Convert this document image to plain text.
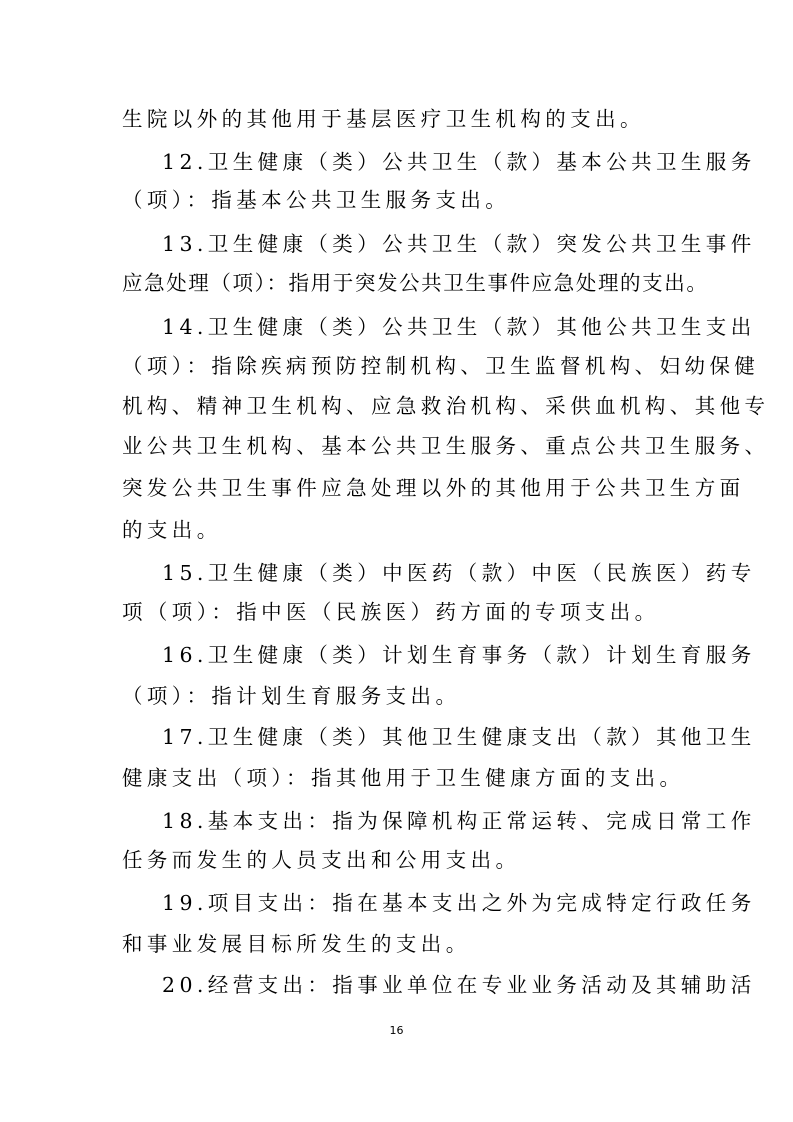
生院以外的其他用于基层医疗卫生机构的支出。
12.卫生健康（类）公共卫生（款）基本公共卫生服务
（项）：指基本公共卫生服务支出。
13.卫生健康（类）公共卫生（款）突发公共卫生事件
应急处理（项）：指用于突发公共卫生事件应急处理的支出。
14.卫生健康（类）公共卫生（款）其他公共卫生支出
（项）：指除疾病预防控制机构、卫生监督机构、妇幼保健
机构、精神卫生机构、应急救治机构、采供血机构、其他专
业公共卫生机构、基本公共卫生服务、重点公共卫生服务、
突发公共卫生事件应急处理以外的其他用于公共卫生方面
的支出。
15.卫生健康（类）中医药（款）中医（民族医）药专
项（项）：指中医（民族医）药方面的专项支出。
16.卫生健康（类）计划生育事务（款）计划生育服务
（项）：指计划生育服务支出。
17.卫生健康（类）其他卫生健康支出（款）其他卫生
健康支出（项）：指其他用于卫生健康方面的支出。
18.基本支出：指为保障机构正常运转、完成日常工作
任务而发生的人员支出和公用支出。
19.项目支出：指在基本支出之外为完成特定行政任务
和事业发展目标所发生的支出。
20.经营支出：指事业单位在专业业务活动及其辅助活
16
